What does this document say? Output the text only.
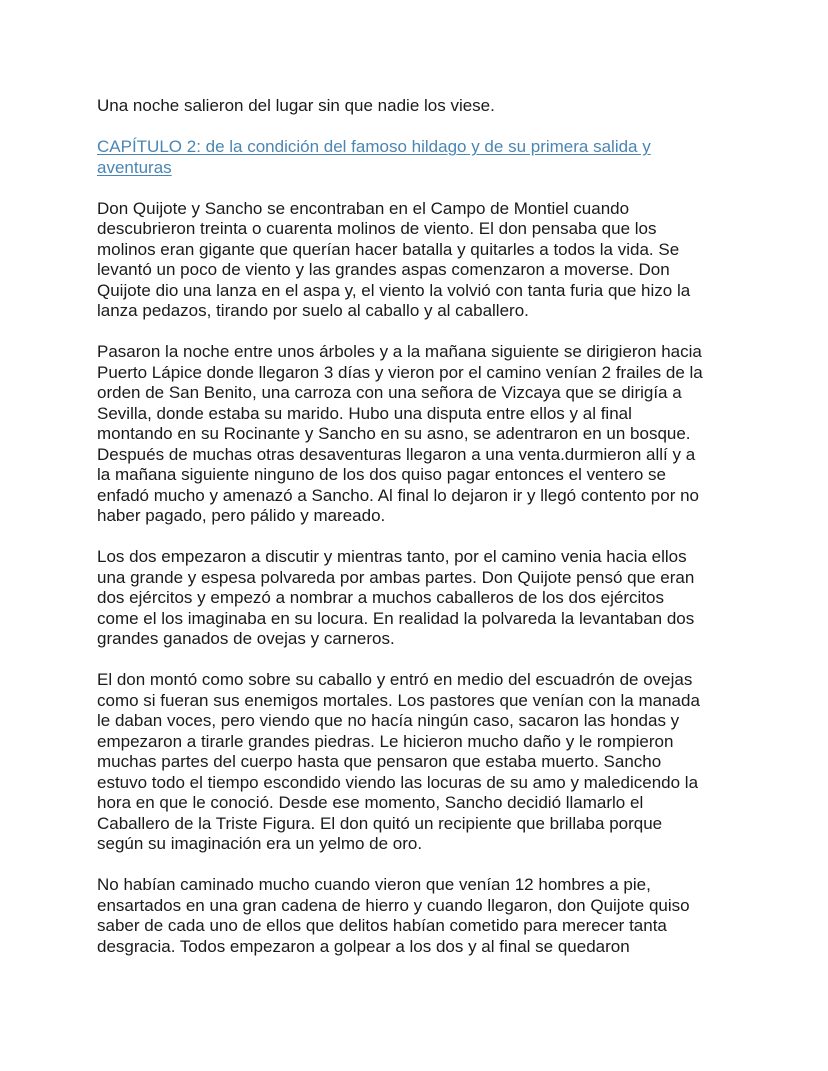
Una noche salieron del lugar sin que nadie los viese.

CAPÍTULO 2: de la condición del famoso hildago y de su primera salida y
aventuras

Don Quijote y Sancho se encontraban en el Campo de Montiel cuando
descubrieron treinta o cuarenta molinos de viento. El don pensaba que los
molinos eran gigante que querían hacer batalla y quitarles a todos la vida. Se
levantó un poco de viento y las grandes aspas comenzaron a moverse. Don
Quijote dio una lanza en el aspa y, el viento la volvió con tanta furia que hizo la
lanza pedazos, tirando por suelo al caballo y al caballero.

Pasaron la noche entre unos árboles y a la mañana siguiente se dirigieron hacia
Puerto Lápice donde llegaron 3 días y vieron por el camino venían 2 frailes de la
orden de San Benito, una carroza con una señora de Vizcaya que se dirigía a
Sevilla, donde estaba su marido. Hubo una disputa entre ellos y al final
montando en su Rocinante y Sancho en su asno, se adentraron en un bosque.
Después de muchas otras desaventuras llegaron a una venta.durmieron allí y a
la mañana siguiente ninguno de los dos quiso pagar entonces el ventero se
enfadó mucho y amenazó a Sancho. Al final lo dejaron ir y llegó contento por no
haber pagado, pero pálido y mareado.

Los dos empezaron a discutir y mientras tanto, por el camino venia hacia ellos
una grande y espesa polvareda por ambas partes. Don Quijote pensó que eran
dos ejércitos y empezó a nombrar a muchos caballeros de los dos ejércitos
come el los imaginaba en su locura. En realidad la polvareda la levantaban dos
grandes ganados de ovejas y carneros.

El don montó como sobre su caballo y entró en medio del escuadrón de ovejas
como si fueran sus enemigos mortales. Los pastores que venían con la manada
le daban voces, pero viendo que no hacía ningún caso, sacaron las hondas y
empezaron a tirarle grandes piedras. Le hicieron mucho daño y le rompieron
muchas partes del cuerpo hasta que pensaron que estaba muerto. Sancho
estuvo todo el tiempo escondido viendo las locuras de su amo y maledicendo la
hora en que le conoció. Desde ese momento, Sancho decidió llamarlo el
Caballero de la Triste Figura. El don quitó un recipiente que brillaba porque
según su imaginación era un yelmo de oro.

No habían caminado mucho cuando vieron que venían 12 hombres a pie,
ensartados en una gran cadena de hierro y cuando llegaron, don Quijote quiso
saber de cada uno de ellos que delitos habían cometido para merecer tanta
desgracia. Todos empezaron a golpear a los dos y al final se quedaron
